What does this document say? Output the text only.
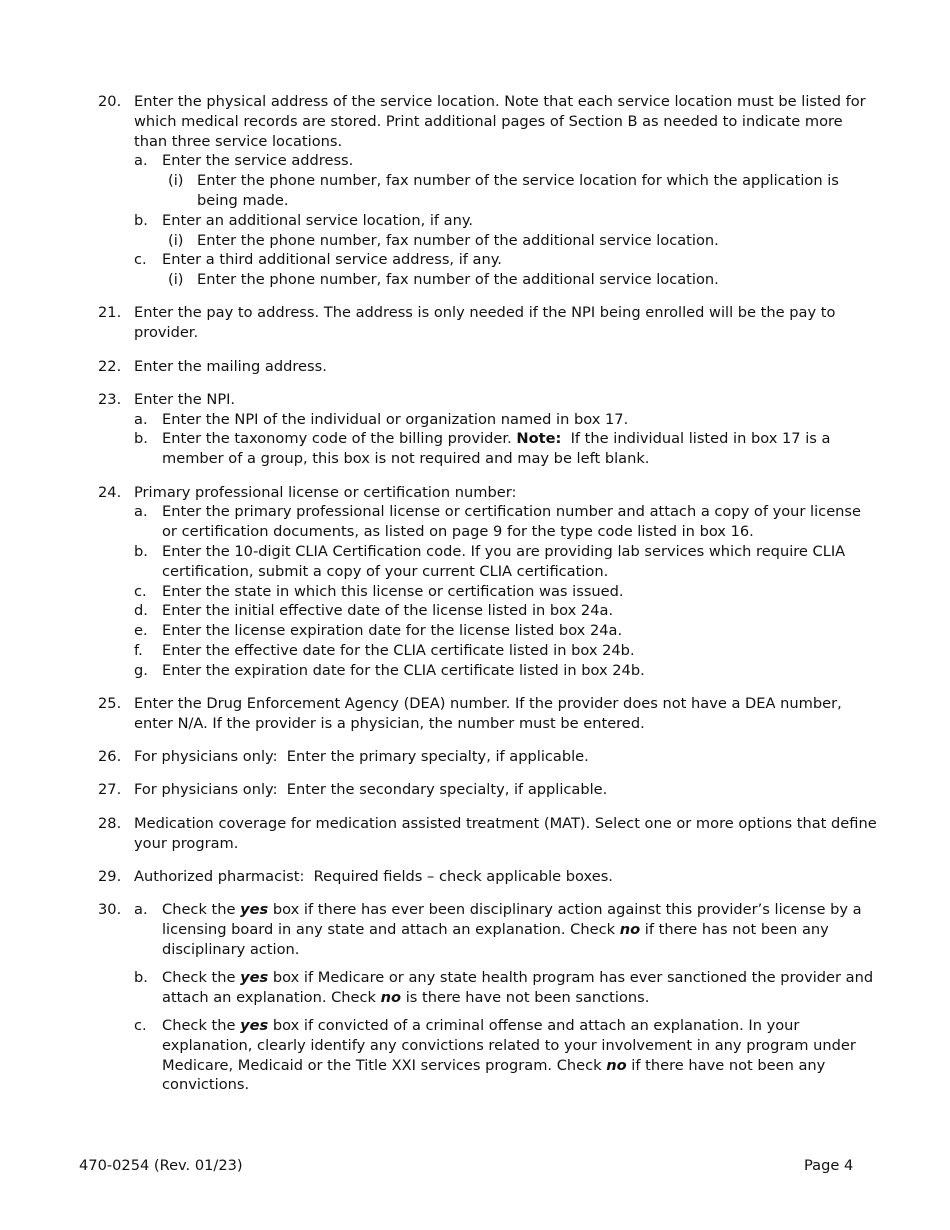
20. Enter the physical address of the service location. Note that each service location must be listed for which medical records are stored. Print additional pages of Section B as needed to indicate more than three service locations.
a. Enter the service address.
(i) Enter the phone number, fax number of the service location for which the application is being made.
b. Enter an additional service location, if any.
(i) Enter the phone number, fax number of the additional service location.
c.	Enter a third additional service address, if any.
(i) Enter the phone number, fax number of the additional service location.
21. Enter the pay to address. The address is only needed if the NPI being enrolled will be the pay to provider.
22. Enter the mailing address.
23. Enter the NPI.
a. Enter the NPI of the individual or organization named in box 17.
b. Enter the taxonomy code of the billing provider. Note:  If the individual listed in box 17 is a member of a group, this box is not required and may be left blank.
24. Primary professional license or certification number:
a. Enter the primary professional license or certification number and attach a copy of your license or certification documents, as listed on page 9 for the type code listed in box 16.
b. Enter the 10-digit CLIA Certification code. If you are providing lab services which require CLIA certification, submit a copy of your current CLIA certification.
c.	Enter the state in which this license or certification was issued.
d. Enter the initial effective date of the license listed in box 24a.
e. Enter the license expiration date for the license listed box 24a.
f.	Enter the effective date for the CLIA certificate listed in box 24b.
g. Enter the expiration date for the CLIA certificate listed in box 24b.
25. Enter the Drug Enforcement Agency (DEA) number. If the provider does not have a DEA number, enter N/A. If the provider is a physician, the number must be entered.
26. For physicians only:  Enter the primary specialty, if applicable.
27. For physicians only:  Enter the secondary specialty, if applicable.
28. Medication coverage for medication assisted treatment (MAT). Select one or more options that define your program.
29. Authorized pharmacist:  Required fields – check applicable boxes.
30. a. Check the yes box if there has ever been disciplinary action against this provider’s license by a licensing board in any state and attach an explanation. Check no if there has not been any disciplinary action.
b. Check the yes box if Medicare or any state health program has ever sanctioned the provider and attach an explanation. Check no is there have not been sanctions.
c.	Check the yes box if convicted of a criminal offense and attach an explanation. In your explanation, clearly identify any convictions related to your involvement in any program under Medicare, Medicaid or the Title XXI services program. Check no if there have not been any convictions.
470-0254 (Rev. 01/23)	Page 4
